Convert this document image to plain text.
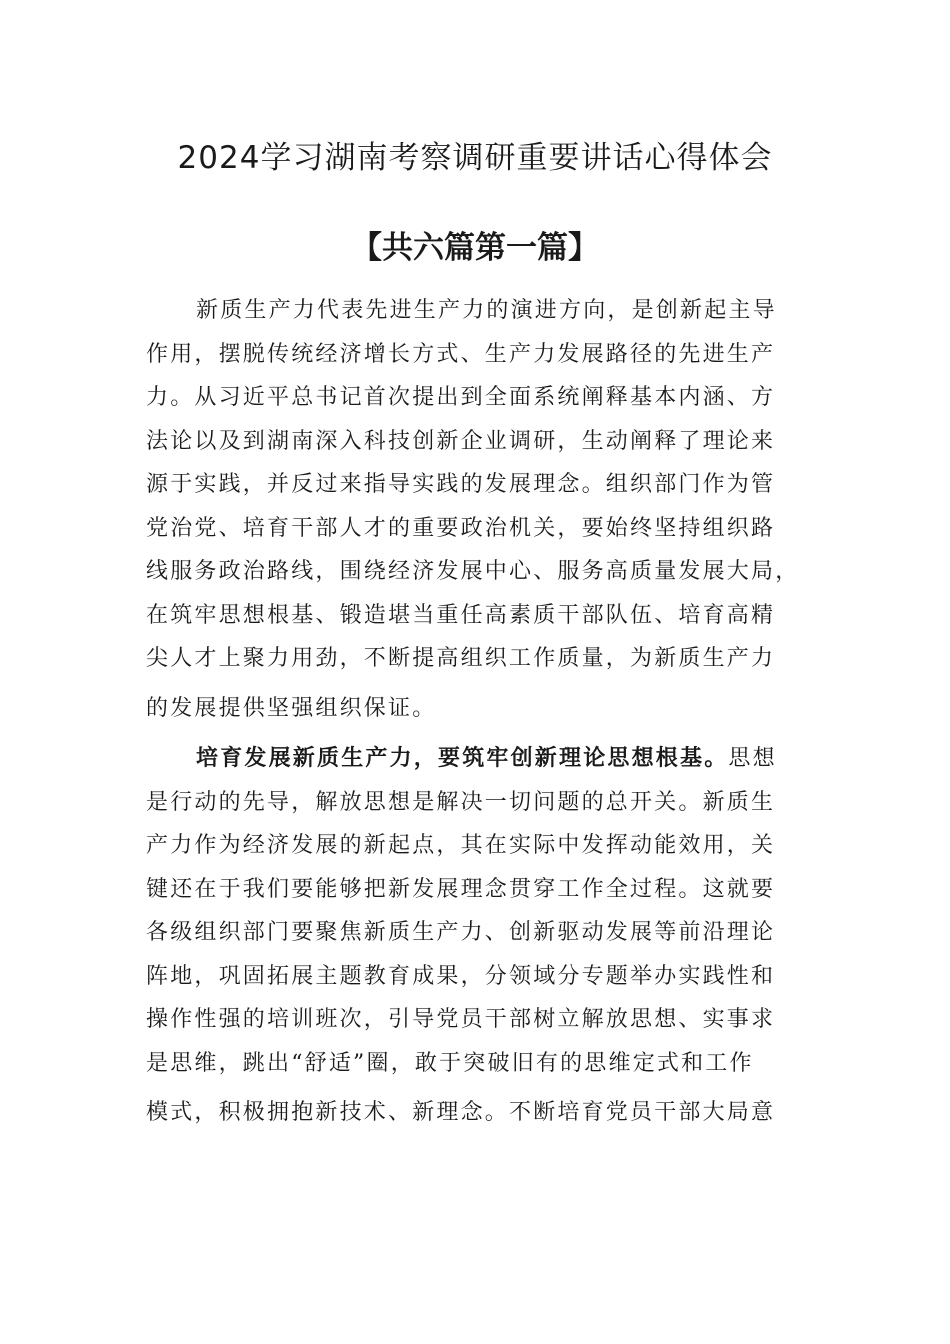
2024学习湖南考察调研重要讲话心得体会
【共六篇第一篇】
新质生产力代表先进生产力的演进方向，是创新起主导
作用，摆脱传统经济增长方式、生产力发展路径的先进生产
力。从习近平总书记首次提出到全面系统阐释基本内涵、方
法论以及到湖南深入科技创新企业调研，生动阐释了理论来
源于实践，并反过来指导实践的发展理念。组织部门作为管
党治党、培育干部人才的重要政治机关，要始终坚持组织路
线服务政治路线，围绕经济发展中心、服务高质量发展大局，
在筑牢思想根基、锻造堪当重任高素质干部队伍、培育高精
尖人才上聚力用劲，不断提高组织工作质量，为新质生产力
的发展提供坚强组织保证。
培育发展新质生产力，要筑牢创新理论思想根基。思想
是行动的先导，解放思想是解决一切问题的总开关。新质生
产力作为经济发展的新起点，其在实际中发挥动能效用，关
键还在于我们要能够把新发展理念贯穿工作全过程。这就要
各级组织部门要聚焦新质生产力、创新驱动发展等前沿理论
阵地，巩固拓展主题教育成果，分领域分专题举办实践性和
操作性强的培训班次，引导党员干部树立解放思想、实事求
是思维，跳出“舒适”圈，敢于突破旧有的思维定式和工作
模式，积极拥抱新技术、新理念。不断培育党员干部大局意
